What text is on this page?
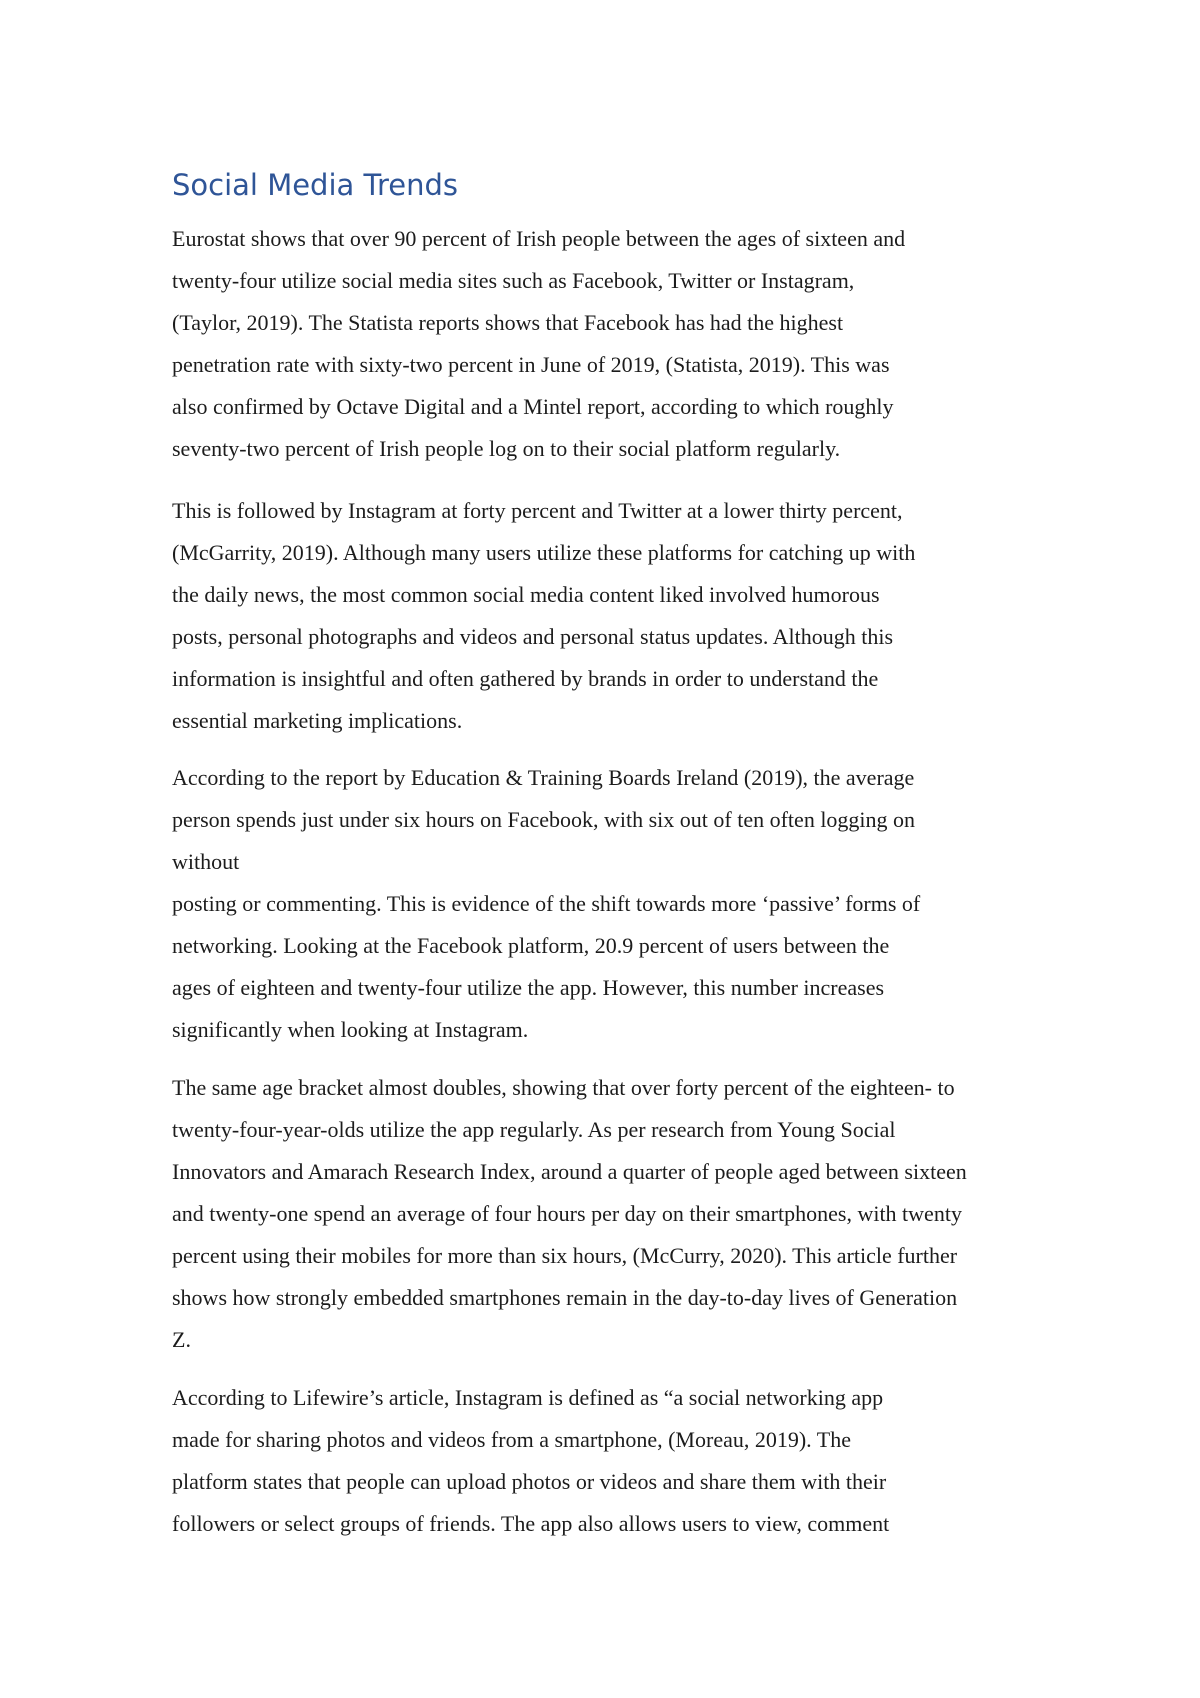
Social Media Trends
Eurostat shows that over 90 percent of Irish people between the ages of sixteen and
twenty-four utilize social media sites such as Facebook, Twitter or Instagram,
(Taylor, 2019). The Statista reports shows that Facebook has had the highest
penetration rate with sixty-two percent in June of 2019, (Statista, 2019). This was
also confirmed by Octave Digital and a Mintel report, according to which roughly
seventy-two percent of Irish people log on to their social platform regularly.
This is followed by Instagram at forty percent and Twitter at a lower thirty percent,
(McGarrity, 2019). Although many users utilize these platforms for catching up with
the daily news, the most common social media content liked involved humorous
posts, personal photographs and videos and personal status updates. Although this
information is insightful and often gathered by brands in order to understand the
essential marketing implications.
According to the report by Education & Training Boards Ireland (2019), the average
person spends just under six hours on Facebook, with six out of ten often logging on
without
posting or commenting. This is evidence of the shift towards more ‘passive’ forms of
networking. Looking at the Facebook platform, 20.9 percent of users between the
ages of eighteen and twenty-four utilize the app. However, this number increases
significantly when looking at Instagram.
The same age bracket almost doubles, showing that over forty percent of the eighteen- to
twenty-four-year-olds utilize the app regularly. As per research from Young Social
Innovators and Amarach Research Index, around a quarter of people aged between sixteen
and twenty-one spend an average of four hours per day on their smartphones, with twenty
percent using their mobiles for more than six hours, (McCurry, 2020). This article further
shows how strongly embedded smartphones remain in the day-to-day lives of Generation
Z.
According to Lifewire’s article, Instagram is defined as “a social networking app
made for sharing photos and videos from a smartphone, (Moreau, 2019). The
platform states that people can upload photos or videos and share them with their
followers or select groups of friends. The app also allows users to view, comment
